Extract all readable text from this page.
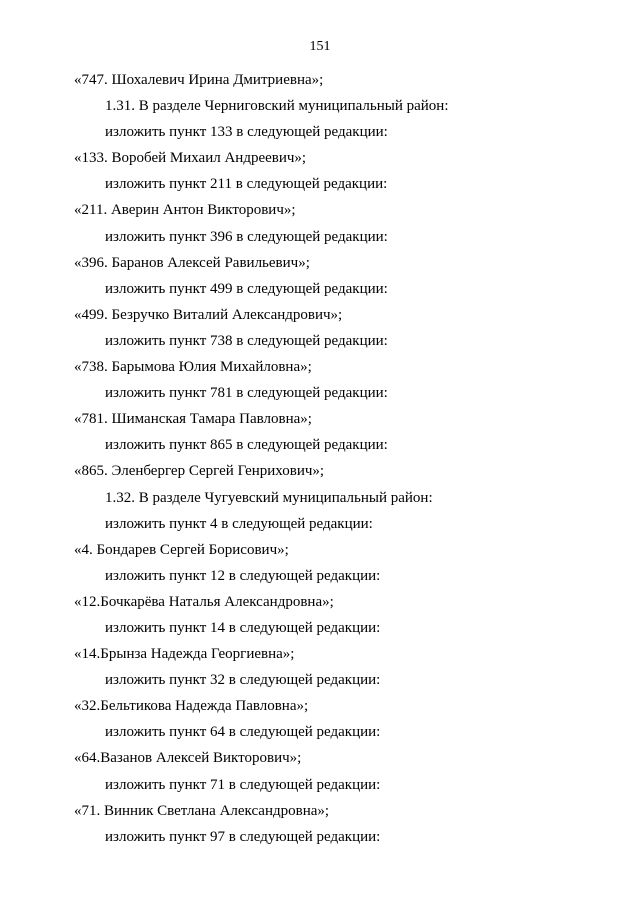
151
«747. Шохалевич Ирина Дмитриевна»;
1.31. В разделе Черниговский муниципальный район:
изложить пункт 133 в следующей редакции:
«133. Воробей Михаил Андреевич»;
изложить пункт 211 в следующей редакции:
«211. Аверин Антон Викторович»;
изложить пункт 396 в следующей редакции:
«396. Баранов Алексей Равильевич»;
изложить пункт 499 в следующей редакции:
«499. Безручко Виталий Александрович»;
изложить пункт 738 в следующей редакции:
«738. Барымова Юлия Михайловна»;
изложить пункт 781 в следующей редакции:
«781. Шиманская Тамара Павловна»;
изложить пункт 865 в следующей редакции:
«865. Эленбергер Сергей Генрихович»;
1.32. В разделе Чугуевский муниципальный район:
изложить пункт 4 в следующей редакции:
«4. Бондарев Сергей Борисович»;
изложить пункт 12 в следующей редакции:
«12.Бочкарёва Наталья Александровна»;
изложить пункт 14 в следующей редакции:
«14.Брынза Надежда Георгиевна»;
изложить пункт 32 в следующей редакции:
«32.Бельтикова Надежда Павловна»;
изложить пункт 64 в следующей редакции:
«64.Вазанов Алексей Викторович»;
изложить пункт 71 в следующей редакции:
«71. Винник Светлана Александровна»;
изложить пункт 97 в следующей редакции:
